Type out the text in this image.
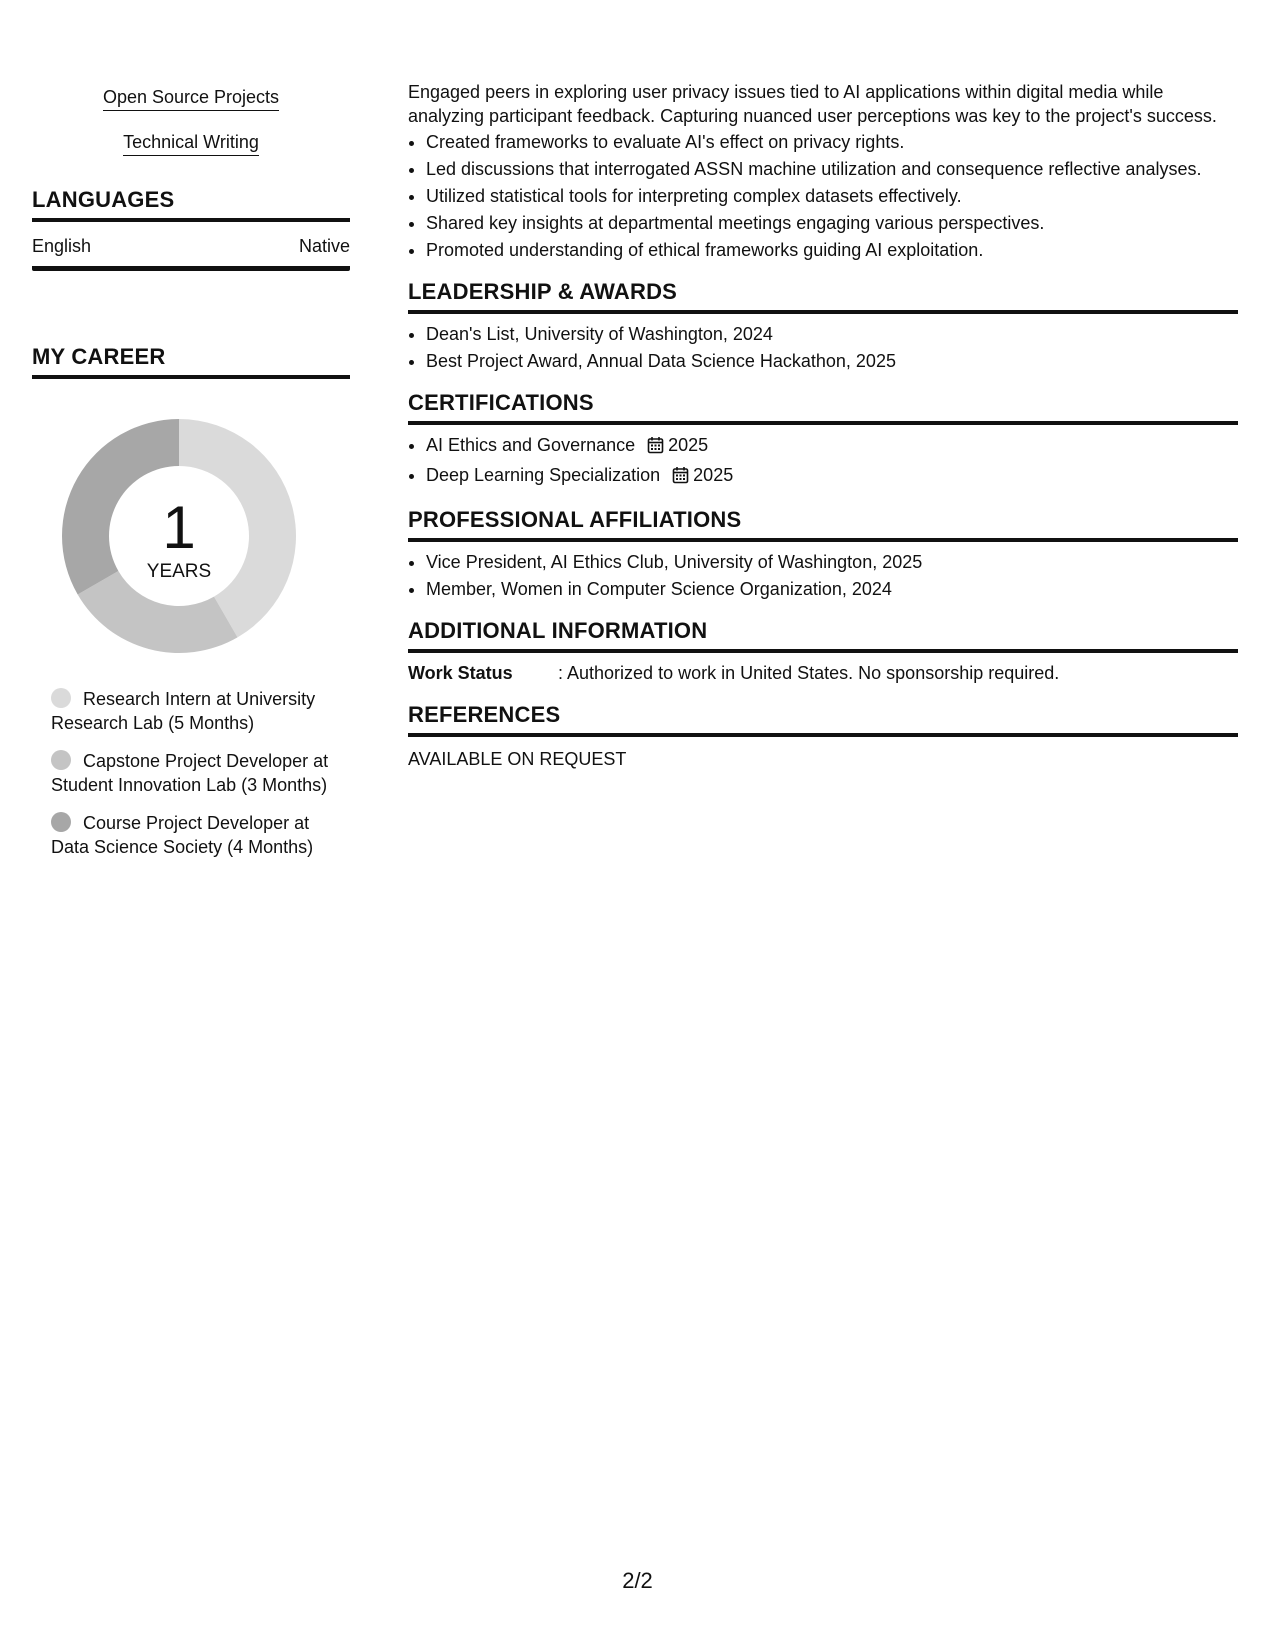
Open Source Projects
Technical Writing
LANGUAGES
English	Native
MY CAREER
1
YEARS
Research Intern at University Research Lab (5 Months)
Capstone Project Developer at Student Innovation Lab (3 Months)
Course Project Developer at Data Science Society (4 Months)

Engaged peers in exploring user privacy issues tied to AI applications within digital media while analyzing participant feedback. Capturing nuanced user perceptions was key to the project's success.

• Created frameworks to evaluate AI's effect on privacy rights.
• Led discussions that interrogated ASSN machine utilization and consequence reflective analyses.
• Utilized statistical tools for interpreting complex datasets effectively.
• Shared key insights at departmental meetings engaging various perspectives.
• Promoted understanding of ethical frameworks guiding AI exploitation.
LEADERSHIP & AWARDS
• Dean's List, University of Washington, 2024
• Best Project Award, Annual Data Science Hackathon, 2025
CERTIFICATIONS
• AI Ethics and Governance 2025
• Deep Learning Specialization 2025
PROFESSIONAL AFFILIATIONS
• Vice President, AI Ethics Club, University of Washington, 2025
• Member, Women in Computer Science Organization, 2024
ADDITIONAL INFORMATION
Work Status	: Authorized to work in United States. No sponsorship required.
REFERENCES
AVAILABLE ON REQUEST
2/2
